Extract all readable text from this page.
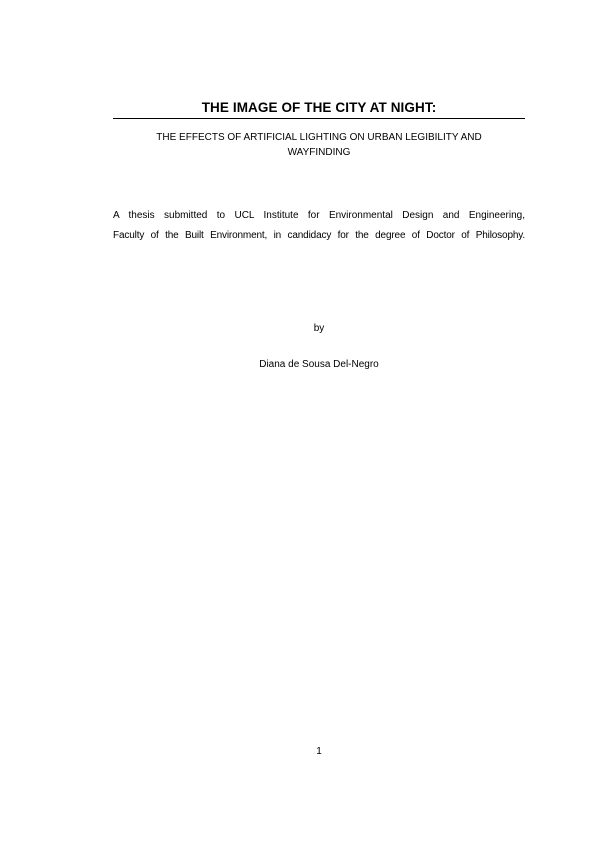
THE IMAGE OF THE CITY AT NIGHT:

THE EFFECTS OF ARTIFICIAL LIGHTING ON URBAN LEGIBILITY AND
WAYFINDING

A thesis submitted to UCL Institute for Environmental Design and Engineering,
Faculty of the Built Environment, in candidacy for the degree of Doctor of Philosophy.

by

Diana de Sousa Del-Negro

1
